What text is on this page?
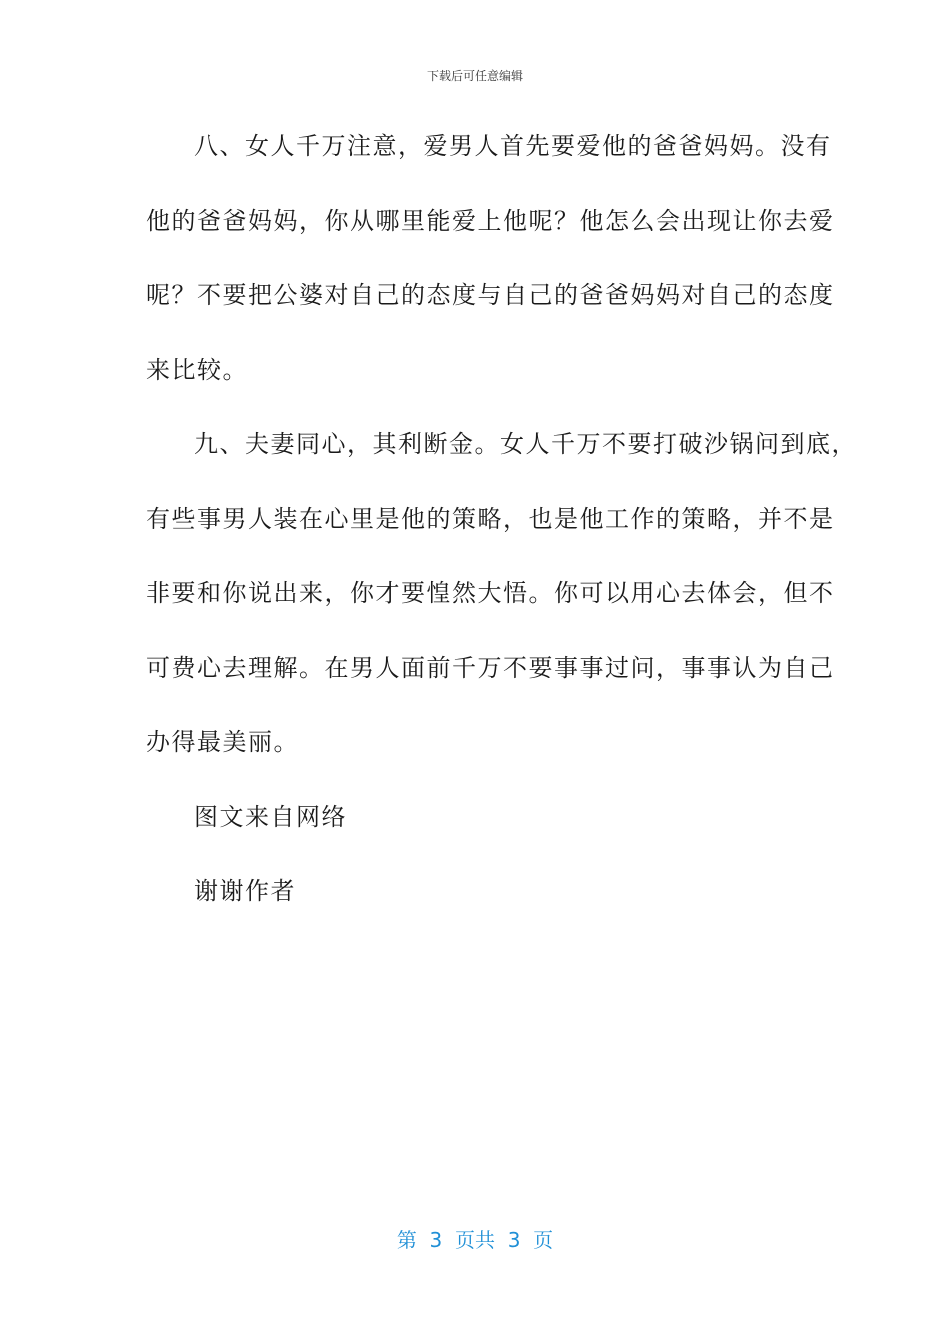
下载后可任意编辑
八、女人千万注意，爱男人首先要爱他的爸爸妈妈。没有
他的爸爸妈妈，你从哪里能爱上他呢？他怎么会出现让你去爱
呢？不要把公婆对自己的态度与自己的爸爸妈妈对自己的态度
来比较。
九、夫妻同心，其利断金。女人千万不要打破沙锅问到底，
有些事男人装在心里是他的策略，也是他工作的策略，并不是
非要和你说出来，你才要惶然大悟。你可以用心去体会，但不
可费心去理解。在男人面前千万不要事事过问，事事认为自己
办得最美丽。
图文来自网络
谢谢作者
第  3  页共  3  页
